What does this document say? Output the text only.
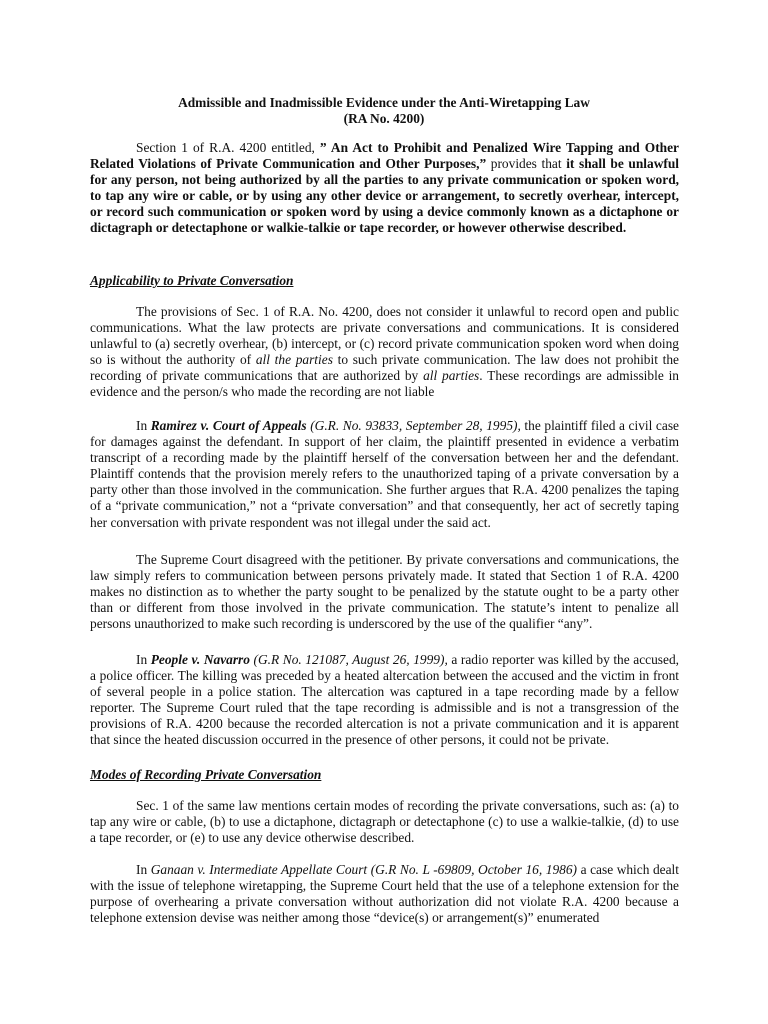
Admissible and Inadmissible Evidence under the Anti-Wiretapping Law
(RA No. 4200)
Section 1 of R.A. 4200 entitled, ” An Act to Prohibit and Penalized Wire Tapping and Other Related Violations of Private Communication and Other Purposes,” provides that it shall be unlawful for any person, not being authorized by all the parties to any private communication or spoken word, to tap any wire or cable, or by using any other device or arrangement, to secretly overhear, intercept, or record such communication or spoken word by using a device commonly known as a dictaphone or dictagraph or detectaphone or walkie-talkie or tape recorder, or however otherwise described.
Applicability to Private Conversation
The provisions of Sec. 1 of R.A. No. 4200, does not consider it unlawful to record open and public communications. What the law protects are private conversations and communications. It is considered unlawful to (a) secretly overhear, (b) intercept, or (c) record private communication spoken word when doing so is without the authority of all the parties to such private communication. The law does not prohibit the recording of private communications that are authorized by all parties. These recordings are admissible in evidence and the person/s who made the recording are not liable
In Ramirez v. Court of Appeals (G.R. No. 93833, September 28, 1995), the plaintiff filed a civil case for damages against the defendant. In support of her claim, the plaintiff presented in evidence a verbatim transcript of a recording made by the plaintiff herself of the conversation between her and the defendant. Plaintiff contends that the provision merely refers to the unauthorized taping of a private conversation by a party other than those involved in the communication. She further argues that R.A. 4200 penalizes the taping of a “private communication,” not a “private conversation” and that consequently, her act of secretly taping her conversation with private respondent was not illegal under the said act.
The Supreme Court disagreed with the petitioner. By private conversations and communications, the law simply refers to communication between persons privately made. It stated that Section 1 of R.A. 4200 makes no distinction as to whether the party sought to be penalized by the statute ought to be a party other than or different from those involved in the private communication. The statute’s intent to penalize all persons unauthorized to make such recording is underscored by the use of the qualifier “any”.
In People v. Navarro (G.R No. 121087, August 26, 1999), a radio reporter was killed by the accused, a police officer. The killing was preceded by a heated altercation between the accused and the victim in front of several people in a police station. The altercation was captured in a tape recording made by a fellow reporter. The Supreme Court ruled that the tape recording is admissible and is not a transgression of the provisions of R.A. 4200 because the recorded altercation is not a private communication and it is apparent that since the heated discussion occurred in the presence of other persons, it could not be private.
Modes of Recording Private Conversation
Sec. 1 of the same law mentions certain modes of recording the private conversations, such as: (a) to tap any wire or cable, (b) to use a dictaphone, dictagraph or detectaphone (c) to use a walkie-talkie, (d) to use a tape recorder, or (e) to use any device otherwise described.
In Ganaan v. Intermediate Appellate Court (G.R No. L -69809, October 16, 1986) a case which dealt with the issue of telephone wiretapping, the Supreme Court held that the use of a telephone extension for the purpose of overhearing a private conversation without authorization did not violate R.A. 4200 because a telephone extension devise was neither among those “device(s) or arrangement(s)” enumerated
